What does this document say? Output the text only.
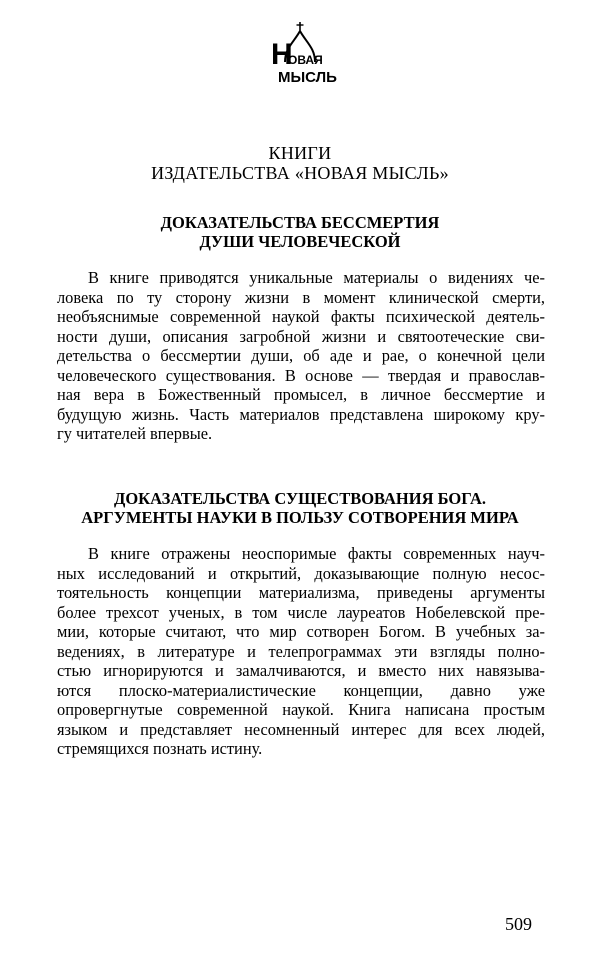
Н
ОВАЯ
МЫСЛЬ
КНИГИ
ИЗДАТЕЛЬСТВА «НОВАЯ МЫСЛЬ»
ДОКАЗАТЕЛЬСТВА БЕССМЕРТИЯ
ДУШИ ЧЕЛОВЕЧЕСКОЙ
В книге приводятся уникальные материалы о видениях че-
ловека по ту сторону жизни в момент клинической смерти,
необъяснимые современной наукой факты психической деятель-
ности души, описания загробной жизни и святоотеческие сви-
детельства о бессмертии души, об аде и рае, о конечной цели
человеческого существования. В основе — твердая и православ-
ная вера в Божественный промысел, в личное бессмертие и
будущую жизнь. Часть материалов представлена широкому кру-
гу читателей впервые.
ДОКАЗАТЕЛЬСТВА СУЩЕСТВОВАНИЯ БОГА.
АРГУМЕНТЫ НАУКИ В ПОЛЬЗУ СОТВОРЕНИЯ МИРА
В книге отражены неоспоримые факты современных науч-
ных исследований и открытий, доказывающие полную несос-
тоятельность концепции материализма, приведены аргументы
более трехсот ученых, в том числе лауреатов Нобелевской пре-
мии, которые считают, что мир сотворен Богом. В учебных за-
ведениях, в литературе и телепрограммах эти взгляды полно-
стью игнорируются и замалчиваются, и вместо них навязыва-
ются плоско-материалистические концепции, давно уже
опровергнутые современной наукой. Книга написана простым
языком и представляет несомненный интерес для всех людей,
стремящихся познать истину.
509
